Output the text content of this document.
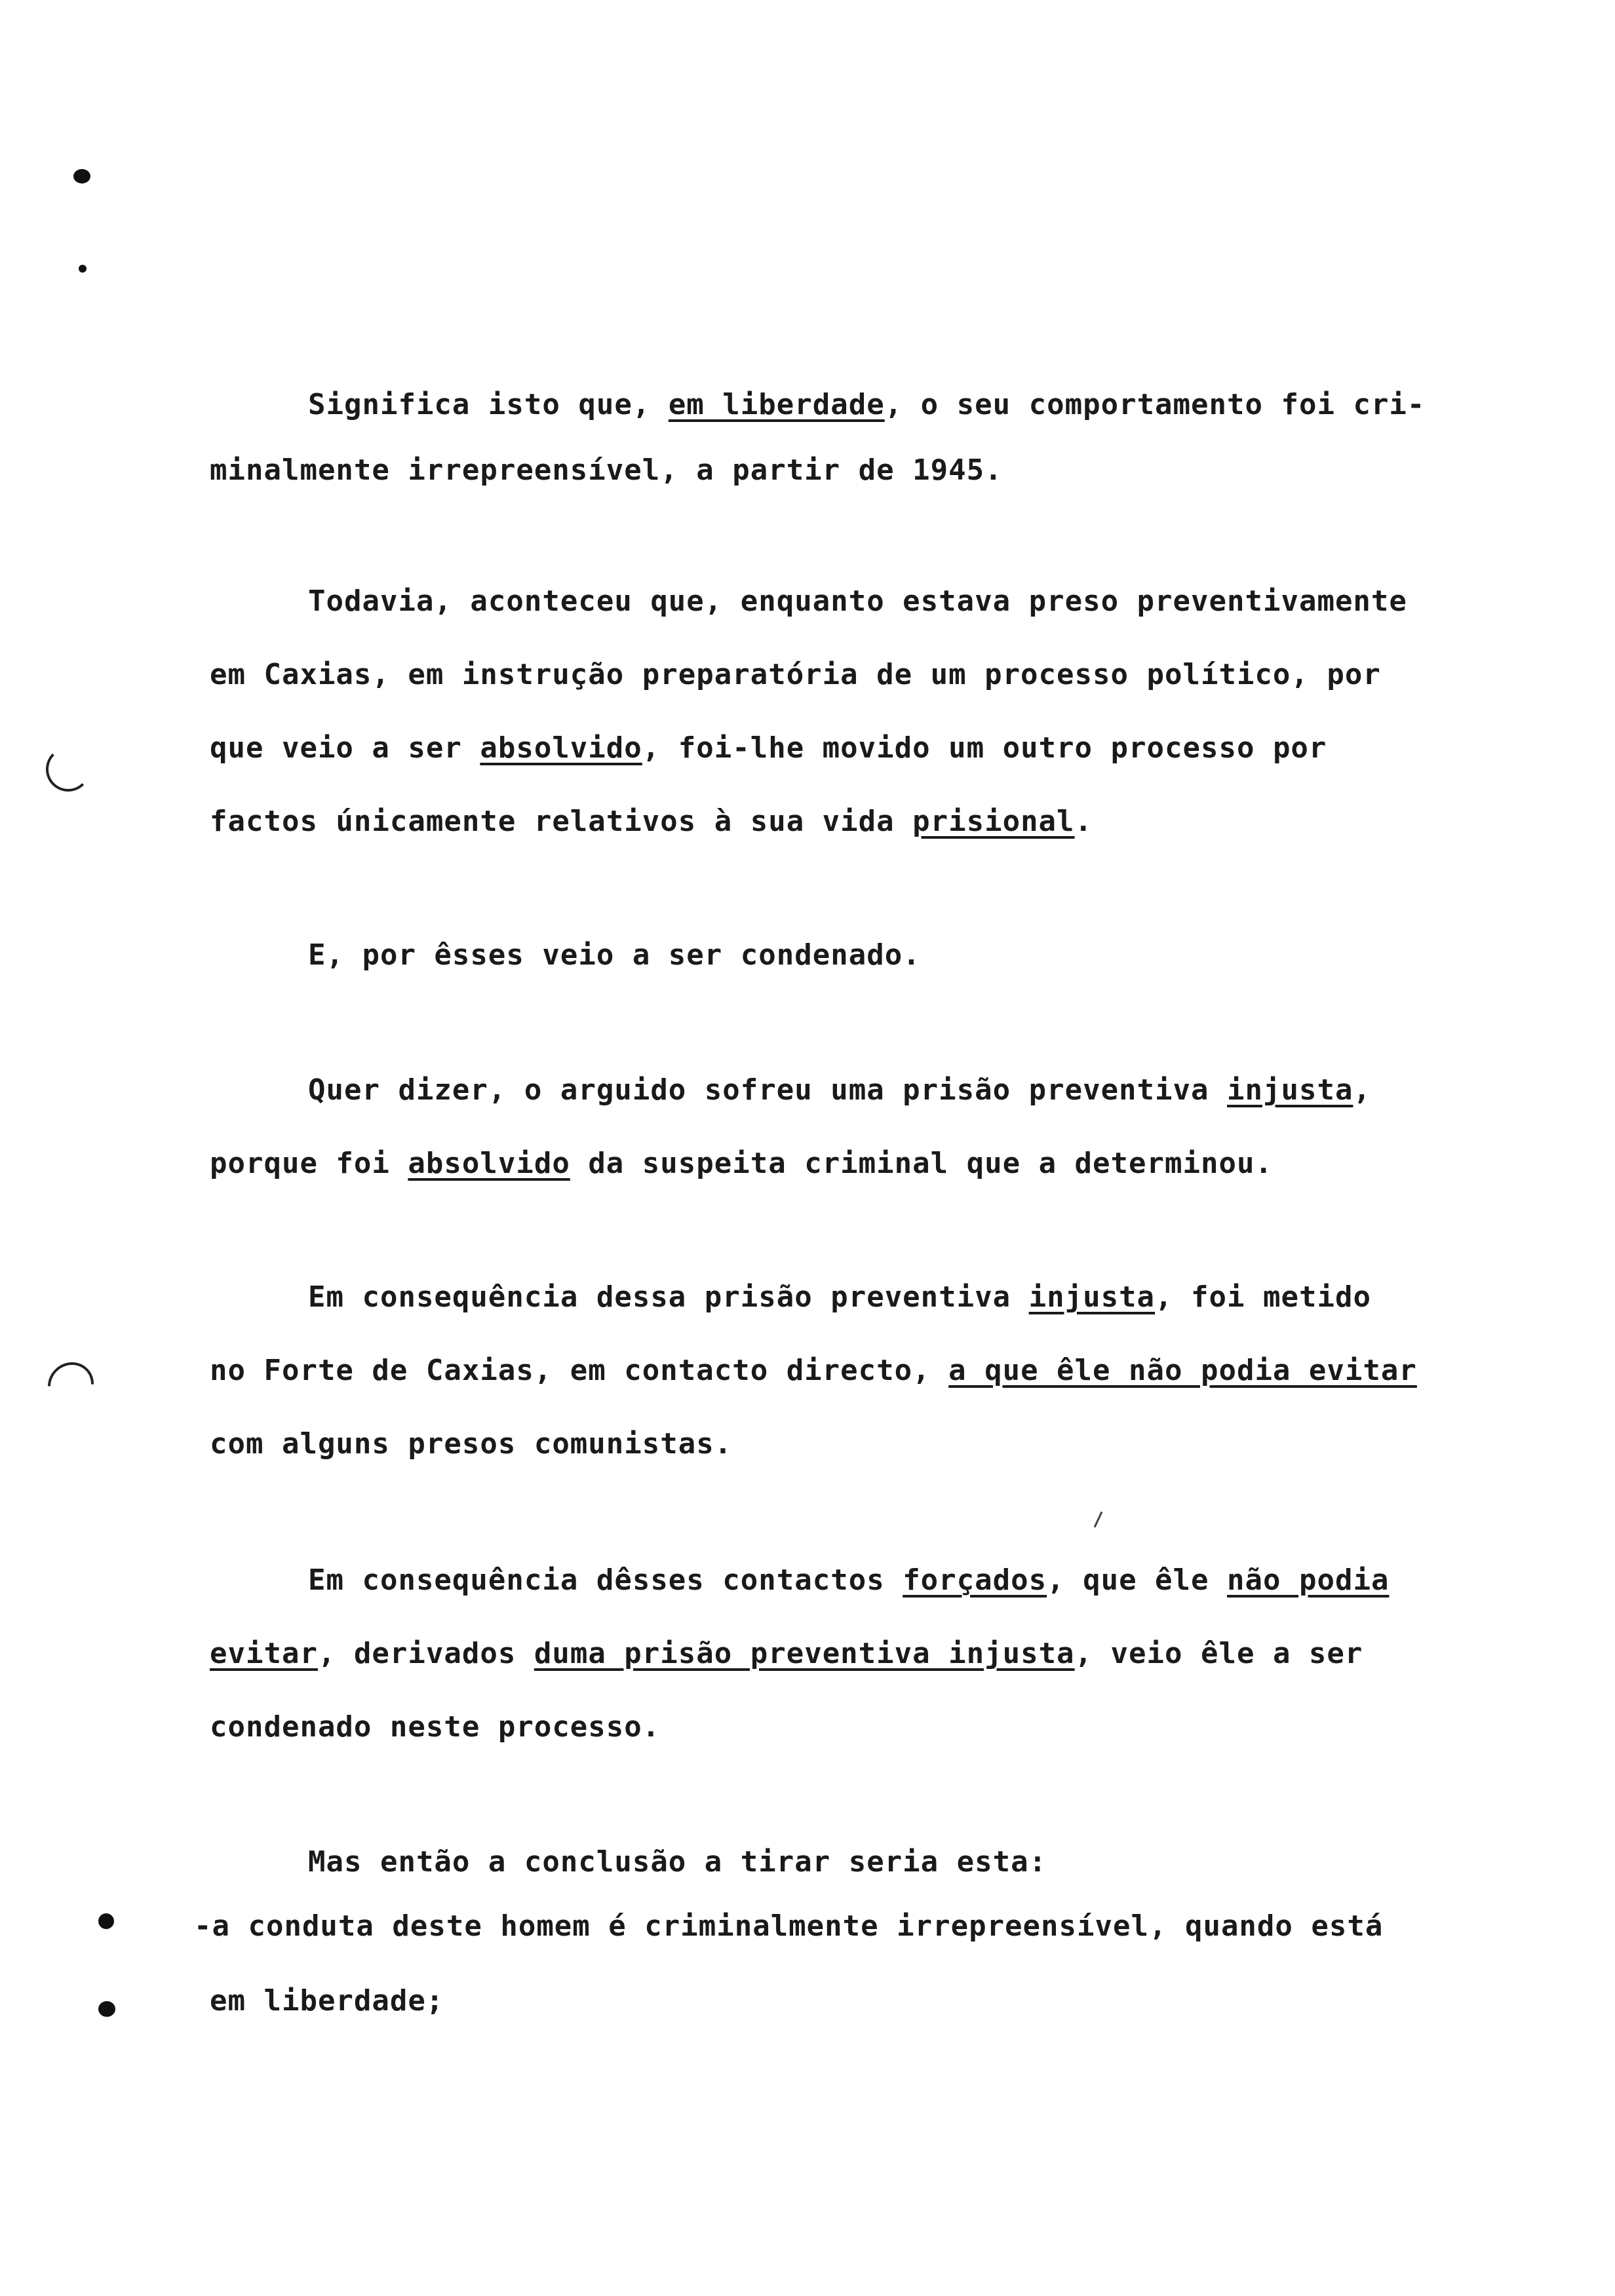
Significa isto que, em liberdade, o seu comportamento foi cri-
minalmente irrepreensível, a partir de 1945.
Todavia, aconteceu que, enquanto estava preso preventivamente
em Caxias, em instrução preparatória de um processo político, por
que veio a ser absolvido, foi-lhe movido um outro processo por
factos únicamente relativos à sua vida prisional.
E, por êsses veio a ser condenado.
Quer dizer, o arguido sofreu uma prisão preventiva injusta,
porque foi absolvido da suspeita criminal que a determinou.
Em consequência dessa prisão preventiva injusta, foi metido
no Forte de Caxias, em contacto directo, a que êle não podia evitar
com alguns presos comunistas.
Em consequência dêsses contactos forçados, que êle não podia
evitar, derivados duma prisão preventiva injusta, veio êle a ser
condenado neste processo.
Mas então a conclusão a tirar seria esta:
-a conduta deste homem é criminalmente irrepreensível, quando está
em liberdade;
